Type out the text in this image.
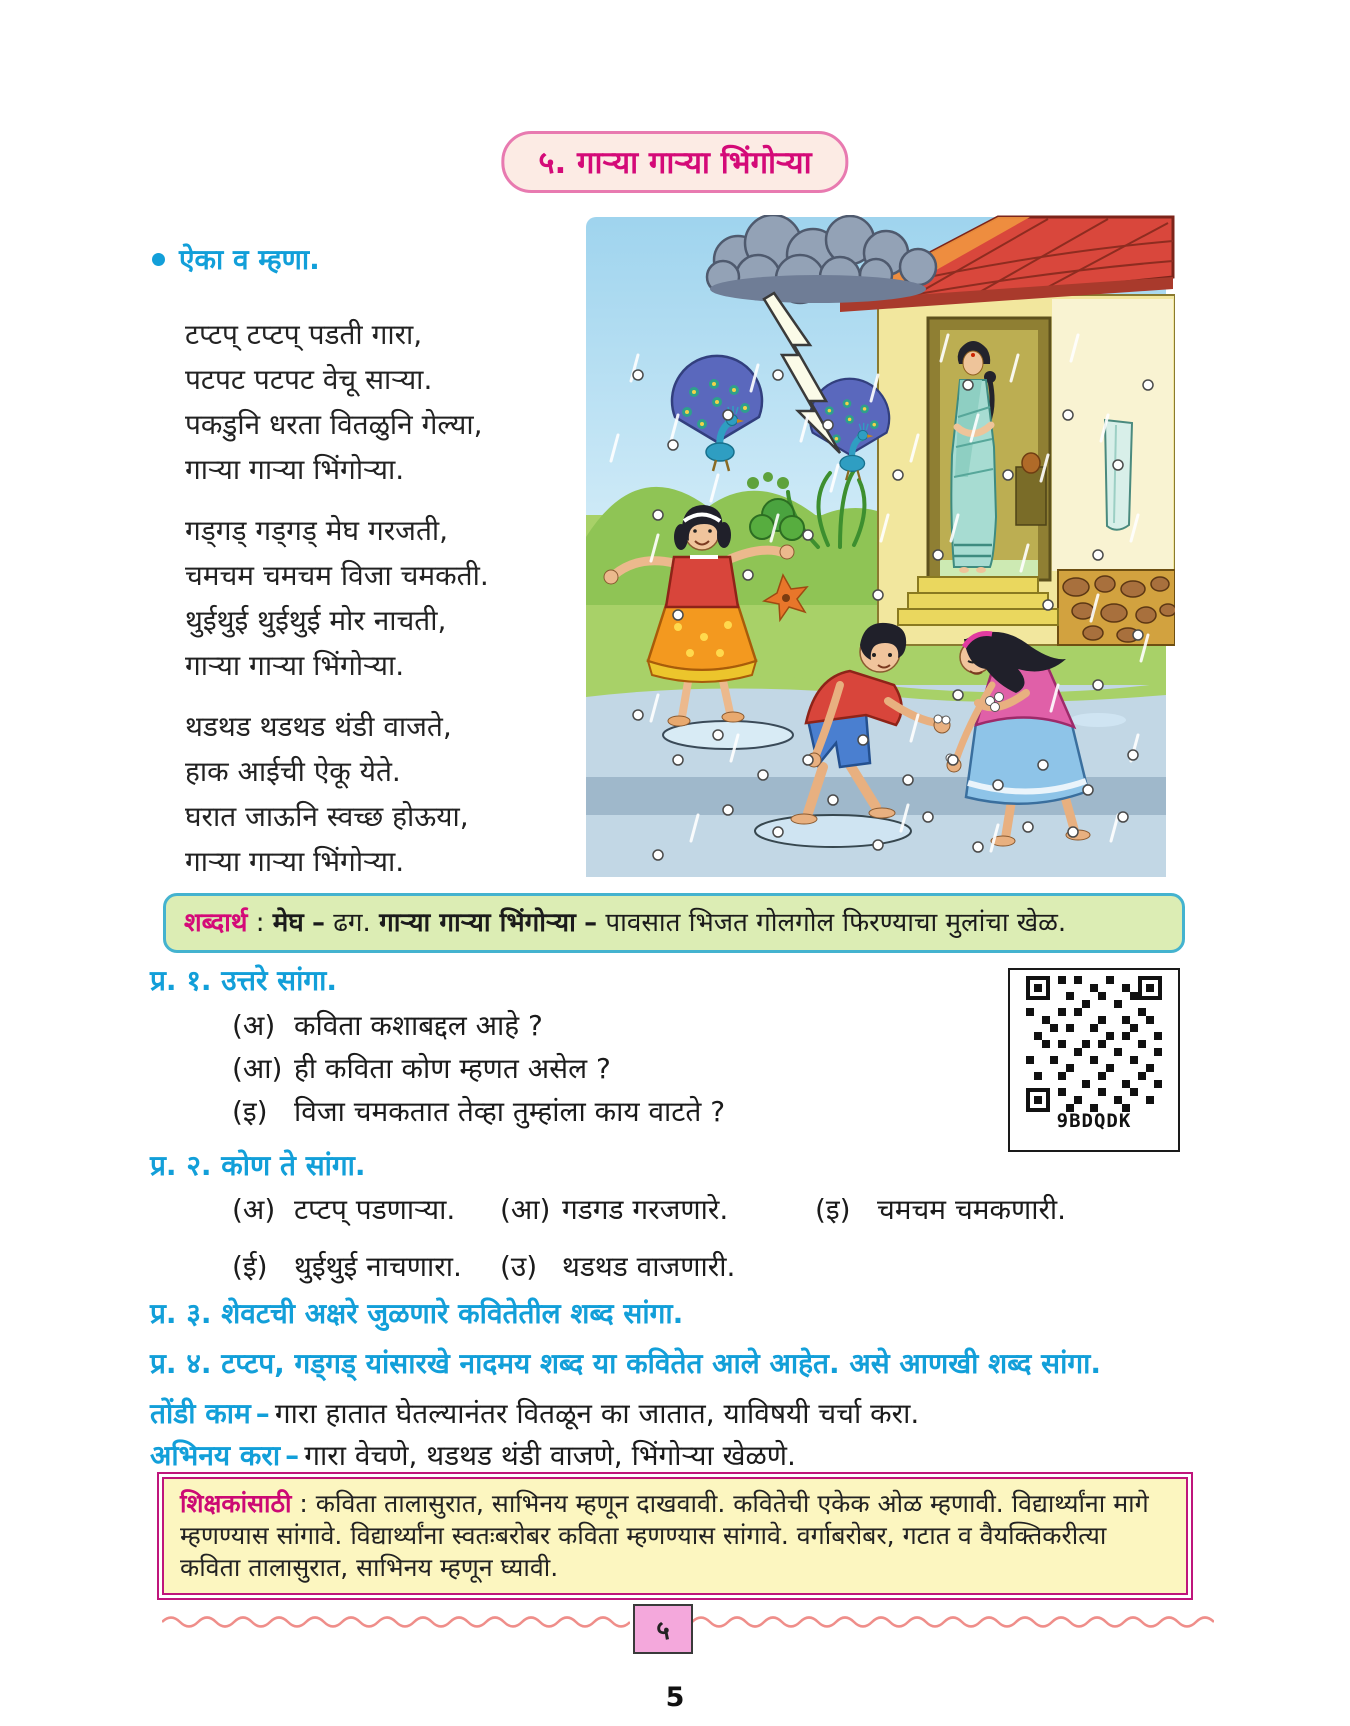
५. गाऱ्या गाऱ्या भिंगोऱ्या
ऐका व म्हणा.

टप्टप् टप्टप् पडती गारा,

पटपट पटपट वेचू साऱ्या.

पकडुनि धरता वितळुनि गेल्या,

गाऱ्या गाऱ्या भिंगोऱ्या.

गड्गड् गड्गड् मेघ गरजती,

चमचम चमचम विजा चमकती.

थुईथुई थुईथुई मोर नाचती,

गाऱ्या गाऱ्या भिंगोऱ्या.

थडथड थडथड थंडी वाजते,

हाक आईची ऐकू येते.

घरात जाऊनि स्वच्छ होऊया,

गाऱ्या गाऱ्या भिंगोऱ्या.

शब्दार्थ : मेघ – ढग. गाऱ्या गाऱ्या भिंगोऱ्या – पावसात भिजत गोलगोल फिरण्याचा मुलांचा खेळ.

प्र. १. उत्तरे सांगा.
(अ) कविता कशाबद्दल आहे ?
(आ) ही कविता कोण म्हणत असेल ?
(इ) विजा चमकतात तेव्हा तुम्हांला काय वाटते ?	9BDQDK
प्र. २. कोण ते सांगा.
(अ) टप्टप् पडणाऱ्या. (आ) गडगड गरजणारे.	(इ) चमचम चमकणारी.
(ई) थुईथुई नाचणारा. (उ) थडथड वाजणारी.
प्र. ३. शेवटची अक्षरे जुळणारे कवितेतील शब्द सांगा.
प्र. ४. टप्टप, गड्गड् यांसारखे नादमय शब्द या कवितेत आले आहेत. असे आणखी शब्द सांगा.
तोंडी काम – गारा हातात घेतल्यानंतर वितळून का जातात, याविषयी चर्चा करा.
अभिनय करा – गारा वेचणे, थडथड थंडी वाजणे, भिंगोऱ्या खेळणे.

शिक्षकांसाठी : कविता तालासुरात, साभिनय म्हणून दाखवावी. कवितेची एकेक ओळ म्हणावी. विद्यार्थ्यांना मागे म्हणण्यास सांगावे. विद्यार्थ्यांना स्वतःबरोबर कविता म्हणण्यास सांगावे. वर्गाबरोबर, गटात व वैयक्तिकरीत्या कविता तालासुरात, साभिनय म्हणून घ्यावी.

५
5
